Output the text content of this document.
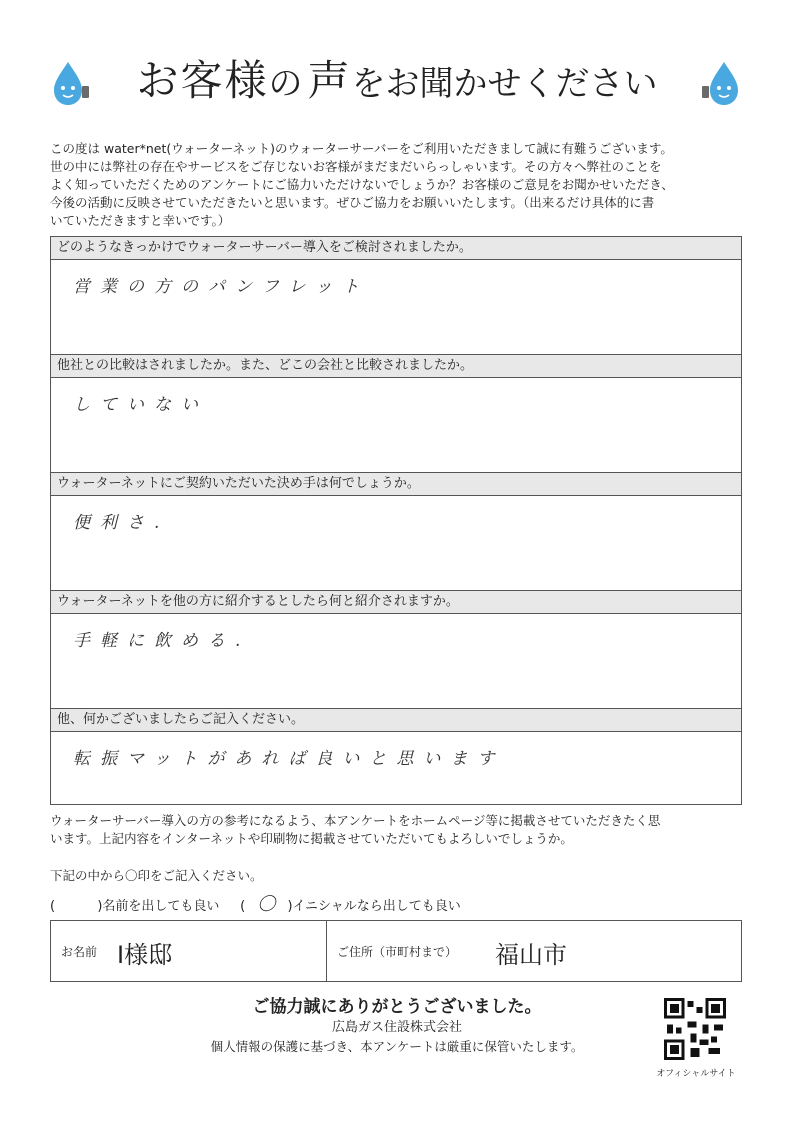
お客様の 声をお聞かせください
この度は water*net(ウォーターネット)のウォーターサーバーをご利用いただきまして誠に有難うございます。
世の中には弊社の存在やサービスをご存じないお客様がまだまだいらっしゃいます。その方々へ弊社のことを
よく知っていただくためのアンケートにご協力いただけないでしょうか？お客様のご意見をお聞かせいただき、
今後の活動に反映させていただきたいと思います。ぜひご協力をお願いいたします。（出来るだけ具体的に書
いていただきますと幸いです。）
どのようなきっかけでウォーターサーバー導入をご検討されましたか。
営業の方のパンフレット
他社との比較はされましたか。また、どこの会社と比較されましたか。
していない
ウォーターネットにご契約いただいた決め手は何でしょうか。
便利さ.
ウォーターネットを他の方に紹介するとしたら何と紹介されますか。
手軽に飲める.
他、何かございましたらご記入ください。
転振マットがあれば良いと思います
ウォーターサーバー導入の方の参考になるよう、本アンケートをホームページ等に掲載させていただきたく思
います。上記内容をインターネットや印刷物に掲載させていただいてもよろしいでしょうか。
下記の中から〇印をご記入ください。
(	)名前を出しても良い ( 〇 )イニシャルなら出しても良い
お名前 I様邸	ご住所（市町村まで） 福山市
ご協力誠にありがとうございました。
広島ガス住設株式会社
個人情報の保護に基づき、本アンケートは厳重に保管いたします。
オフィシャルサイト
